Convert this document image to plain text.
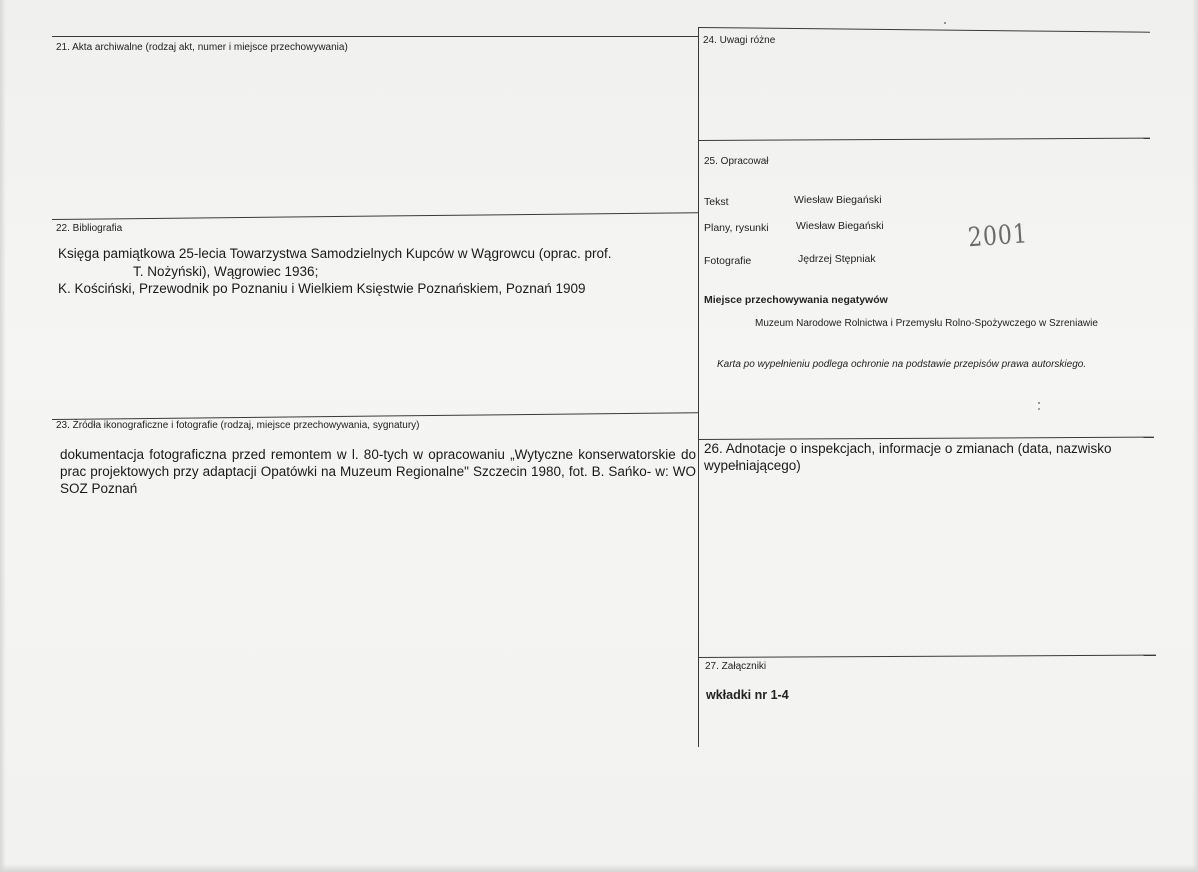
21. Akta archiwalne (rodzaj akt, numer i miejsce przechowywania)
22. Bibliografia
Księga pamiątkowa 25-lecia Towarzystwa Samodzielnych Kupców w Wągrowcu (oprac. prof.
T. Nożyński), Wągrowiec 1936;
K. Kościński, Przewodnik po Poznaniu i Wielkiem Księstwie Poznańskiem, Poznań 1909
23. Źródła ikonograficzne i fotografie (rodzaj, miejsce przechowywania, sygnatury)
dokumentacja fotograficzna przed remontem w l. 80-tych w opracowaniu „Wytyczne konserwatorskie do prac projektowych przy adaptacji Opatówki na Muzeum Regionalne" Szczecin 1980, fot. B. Sańko- w: WO SOZ Poznań
24. Uwagi różne
25. Opracował
Tekst	Wiesław Biegański
Plany, rysunki	Wiesław Biegański
Fotografie	Jędrzej Stępniak
2001
Miejsce przechowywania negatywów
Muzeum Narodowe Rolnictwa i Przemysłu Rolno-Spożywczego w Szreniawie
Karta po wypełnieniu podlega ochronie na podstawie przepisów prawa autorskiego.
26. Adnotacje o inspekcjach, informacje o zmianach (data, nazwisko wypełniającego)
27. Załączniki
wkładki nr 1-4
